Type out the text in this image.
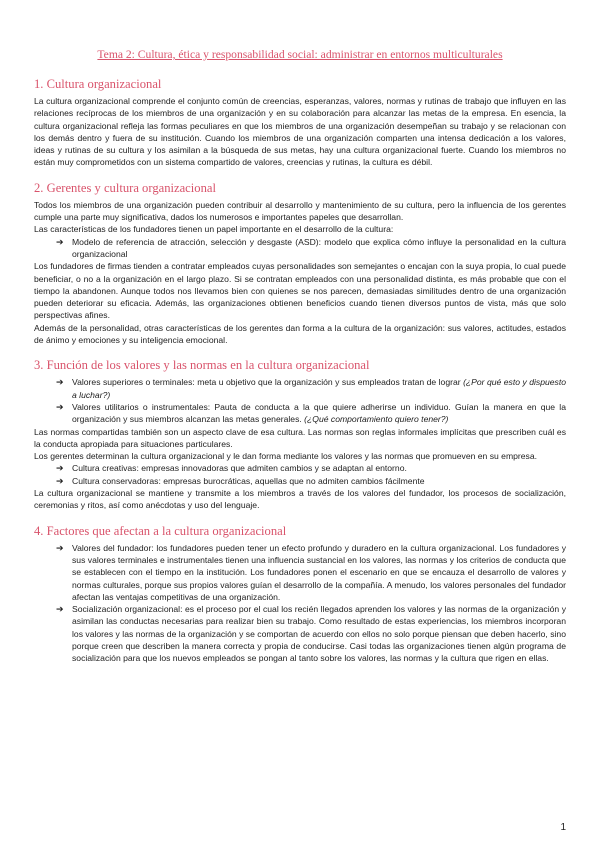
Tema 2: Cultura, ética y responsabilidad social: administrar en entornos multiculturales
1. Cultura organizacional

La cultura organizacional comprende el conjunto común de creencias, esperanzas, valores, normas y rutinas de trabajo que influyen en las relaciones recíprocas de los miembros de una organización y en su colaboración para alcanzar las metas de la empresa. En esencia, la cultura organizacional refleja las formas peculiares en que los miembros de una organización desempeñan su trabajo y se relacionan con los demás dentro y fuera de su institución. Cuando los miembros de una organización comparten una intensa dedicación a los valores, ideas y rutinas de su cultura y los asimilan a la búsqueda de sus metas, hay una cultura organizacional fuerte. Cuando los miembros no están muy comprometidos con un sistema compartido de valores, creencias y rutinas, la cultura es débil.

2. Gerentes y cultura organizacional

Todos los miembros de una organización pueden contribuir al desarrollo y mantenimiento de su cultura, pero la influencia de los gerentes cumple una parte muy significativa, dados los numerosos e importantes papeles que desarrollan.

Las características de los fundadores tienen un papel importante en el desarrollo de la cultura:

➔ Modelo de referencia de atracción, selección y desgaste (ASD): modelo que explica cómo influye la personalidad en la cultura organizacional

Los fundadores de firmas tienden a contratar empleados cuyas personalidades son semejantes o encajan con la suya propia, lo cual puede beneficiar, o no a la organización en el largo plazo. Si se contratan empleados con una personalidad distinta, es más probable que con el tiempo la abandonen. Aunque todos nos llevamos bien con quienes se nos parecen, demasiadas similitudes dentro de una organización pueden deteriorar su eficacia. Además, las organizaciones obtienen beneficios cuando tienen diversos puntos de vista, más que solo perspectivas afines.

Además de la personalidad, otras características de los gerentes dan forma a la cultura de la organización: sus valores, actitudes, estados de ánimo y emociones y su inteligencia emocional.

3. Función de los valores y las normas en la cultura organizacional
➔ Valores superiores o terminales: meta u objetivo que la organización y sus empleados tratan de lograr (¿Por qué esto y dispuesto a luchar?)
➔ Valores utilitarios o instrumentales: Pauta de conducta a la que quiere adherirse un individuo. Guían la manera en que la organización y sus miembros alcanzan las metas generales. (¿Qué comportamiento quiero tener?)

Las normas compartidas también son un aspecto clave de esa cultura. Las normas son reglas informales implícitas que prescriben cuál es la conducta apropiada para situaciones particulares.

Los gerentes determinan la cultura organizacional y le dan forma mediante los valores y las normas que promueven en su empresa.

➔ Cultura creativas: empresas innovadoras que admiten cambios y se adaptan al entorno.
➔ Cultura conservadoras: empresas burocráticas, aquellas que no admiten cambios fácilmente

La cultura organizacional se mantiene y transmite a los miembros a través de los valores del fundador, los procesos de socialización, ceremonias y ritos, así como anécdotas y uso del lenguaje.

4. Factores que afectan a la cultura organizacional
➔ Valores del fundador: los fundadores pueden tener un efecto profundo y duradero en la cultura organizacional. Los fundadores y sus valores terminales e instrumentales tienen una influencia sustancial en los valores, las normas y los criterios de conducta que se establecen con el tiempo en la institución. Los fundadores ponen el escenario en que se encauza el desarrollo de valores y normas culturales, porque sus propios valores guían el desarrollo de la compañía. A menudo, los valores personales del fundador afectan las ventajas competitivas de una organización.
➔ Socialización organizacional: es el proceso por el cual los recién llegados aprenden los valores y las normas de la organización y asimilan las conductas necesarias para realizar bien su trabajo. Como resultado de estas experiencias, los miembros incorporan los valores y las normas de la organización y se comportan de acuerdo con ellos no solo porque piensan que deben hacerlo, sino porque creen que describen la manera correcta y propia de conducirse. Casi todas las organizaciones tienen algún programa de socialización para que los nuevos empleados se pongan al tanto sobre los valores, las normas y la cultura que rigen en ellas.
1
